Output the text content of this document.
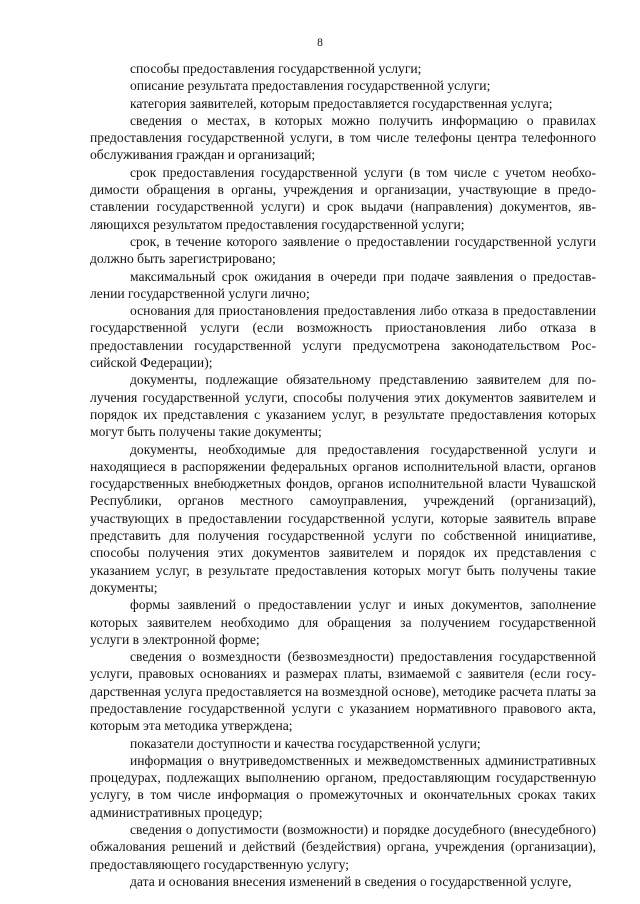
8

способы предоставления государственной услуги;

описание результата предоставления государственной услуги;

категория заявителей, которым предоставляется государственная услуга;

сведения о местах, в которых можно получить информацию о правилах предоставления государственной услуги, в том числе телефоны центра телефонного обслуживания граждан и организаций;

срок предоставления государственной услуги (в том числе с учетом необходимости обращения в органы, учреждения и организации, участвующие в предоставлении государственной услуги) и срок выдачи (направления) документов, являющихся результатом предоставления государственной услуги;

срок, в течение которого заявление о предоставлении государственной услуги должно быть зарегистрировано;

максимальный срок ожидания в очереди при подаче заявления о предоставлении государственной услуги лично;

основания для приостановления предоставления либо отказа в предоставлении государственной услуги (если возможность приостановления либо отказа в предоставлении государственной услуги предусмотрена законодательством Российской Федерации);

документы, подлежащие обязательному представлению заявителем для получения государственной услуги, способы получения этих документов заявителем и порядок их представления с указанием услуг, в результате предоставления которых могут быть получены такие документы;

документы, необходимые для предоставления государственной услуги и находящиеся в распоряжении федеральных органов исполнительной власти, органов государственных внебюджетных фондов, органов исполнительной власти Чувашской Республики, органов местного самоуправления, учреждений (организаций), участвующих в предоставлении государственной услуги, которые заявитель вправе представить для получения государственной услуги по собственной инициативе, способы получения этих документов заявителем и порядок их представления с указанием услуг, в результате предоставления которых могут быть получены такие документы;

формы заявлений о предоставлении услуг и иных документов, заполнение которых заявителем необходимо для обращения за получением государственной услуги в электронной форме;

сведения о возмездности (безвозмездности) предоставления государственной услуги, правовых основаниях и размерах платы, взимаемой с заявителя (если государственная услуга предоставляется на возмездной основе), методике расчета платы за предоставление государственной услуги с указанием нормативного правового акта, которым эта методика утверждена;

показатели доступности и качества государственной услуги;

информация о внутриведомственных и межведомственных административных процедурах, подлежащих выполнению органом, предоставляющим государственную услугу, в том числе информация о промежуточных и окончательных сроках таких административных процедур;

сведения о допустимости (возможности) и порядке досудебного (внесудебного) обжалования решений и действий (бездействия) органа, учреждения (организации), предоставляющего государственную услугу;

дата и основания внесения изменений в сведения о государственной услуге,
